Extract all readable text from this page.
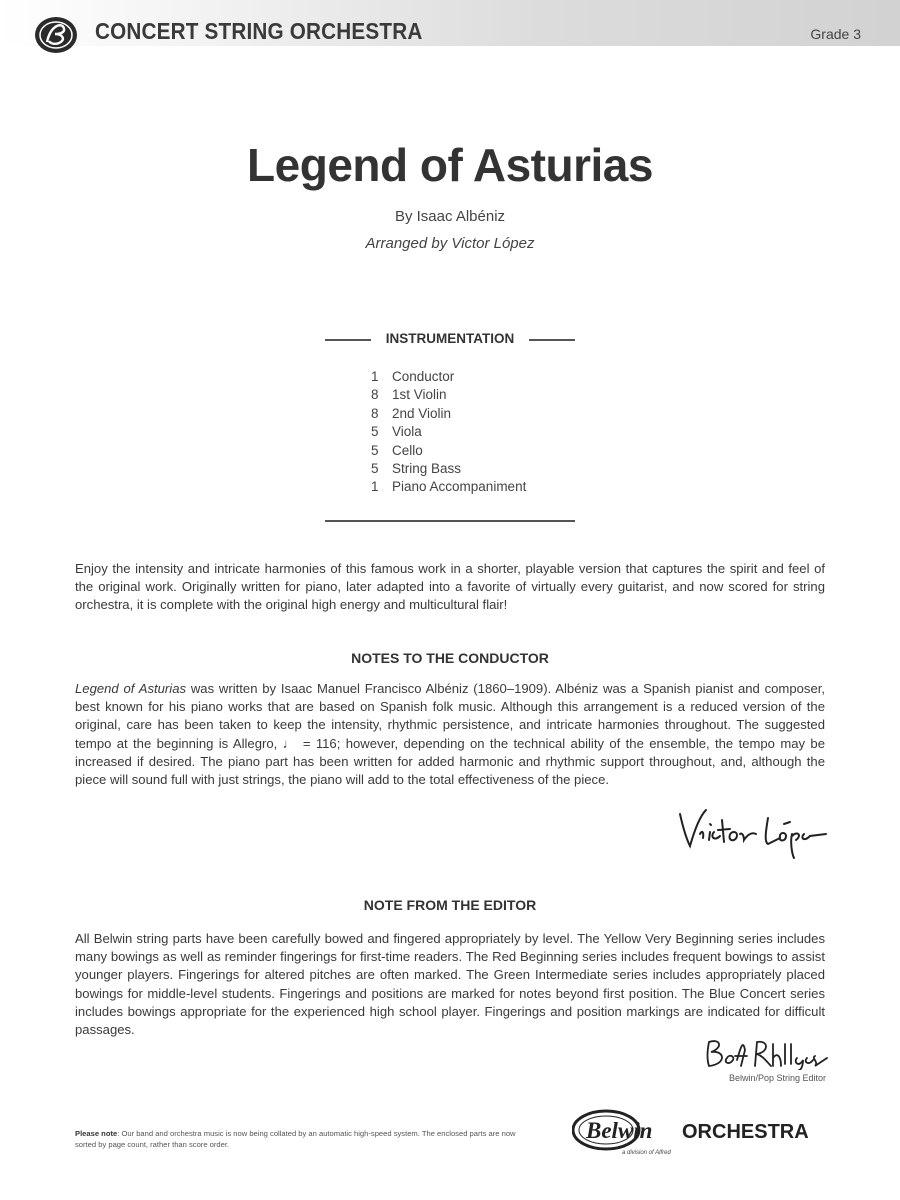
CONCERT STRING ORCHESTRA	Grade 3
Legend of Asturias
By Isaac Albéniz
Arranged by Victor López
INSTRUMENTATION
1 Conductor
8 1st Violin
8 2nd Violin
5 Viola
5 Cello
5 String Bass
1 Piano Accompaniment

Enjoy the intensity and intricate harmonies of this famous work in a shorter, playable version that captures the spirit and feel of the original work. Originally written for piano, later adapted into a favorite of virtually every guitarist, and now scored for string orchestra, it is complete with the original high energy and multicultural flair!

NOTES TO THE CONDUCTOR

Legend of Asturias was written by Isaac Manuel Francisco Albéniz (1860–1909). Albéniz was a Spanish pianist and composer, best known for his piano works that are based on Spanish folk music. Although this arrangement is a reduced version of the original, care has been taken to keep the intensity, rhythmic persistence, and intricate harmonies throughout. The suggested tempo at the beginning is Allegro, ♩ = 116; however, depending on the technical ability of the ensemble, the tempo may be increased if desired. The piano part has been written for added harmonic and rhythmic support throughout, and, although the piece will sound full with just strings, the piano will add to the total effectiveness of the piece.

NOTE FROM THE EDITOR

All Belwin string parts have been carefully bowed and fingered appropriately by level. The Yellow Very Beginning series includes many bowings as well as reminder fingerings for first-time readers. The Red Beginning series includes frequent bowings to assist younger players. Fingerings for altered pitches are often marked. The Green Intermediate series includes appropriately placed bowings for middle-level students. Fingerings and positions are marked for notes beyond first position. The Blue Concert series includes bowings appropriate for the experienced high school player. Fingerings and position markings are indicated for difficult passages.

Belwin/Pop String Editor
Please note: Our band and orchestra music is now being collated by an automatic high-speed system. The enclosed parts are now sorted by page count, rather than score order.
Belwin ORCHESTRA
a division of Alfred
